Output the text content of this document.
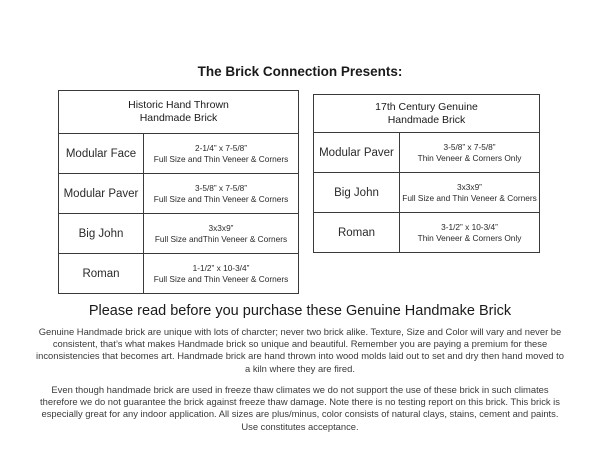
The Brick Connection Presents:
Historic Hand Thrown
Handmade Brick	
Modular Face	2-1/4” x 7-5/8”
Full Size and Thin Veneer & Corners

Modular Paver	3-5/8” x 7-5/8”
Full Size and Thin Veneer & Corners

Big John	3x3x9”
Full Size andThin Veneer & Corners

Roman	1-1/2” x 10-3/4”
Full Size and Thin Veneer & Corners
17th Century Genuine
Handmade Brick	
Modular Paver	3-5/8” x 7-5/8”
Thin Veneer & Corners Only

Big John	3x3x9”
Full Size and Thin Veneer & Corners

Roman	3-1/2” x 10-3/4”
Thin Veneer & Corners Only
Please read before you purchase these Genuine Handmake Brick

Genuine Handmade brick are unique with lots of charcter; never two brick alike. Texture, Size and Color will vary and never be consistent, that’s what makes Handmade brick so unique and beautiful. Remember you are paying a premium for these inconsistencies that becomes art. Handmade brick are hand thrown into wood molds laid out to set and dry then hand moved to a kiln where they are fired.

Even though handmade brick are used in freeze thaw climates we do not support the use of these brick in such climates therefore we do not guarantee the brick against freeze thaw damage. Note there is no testing report on this brick. This brick is especially great for any indoor application. All sizes are plus/minus, color consists of natural clays, stains, cement and paints. Use constitutes acceptance.
